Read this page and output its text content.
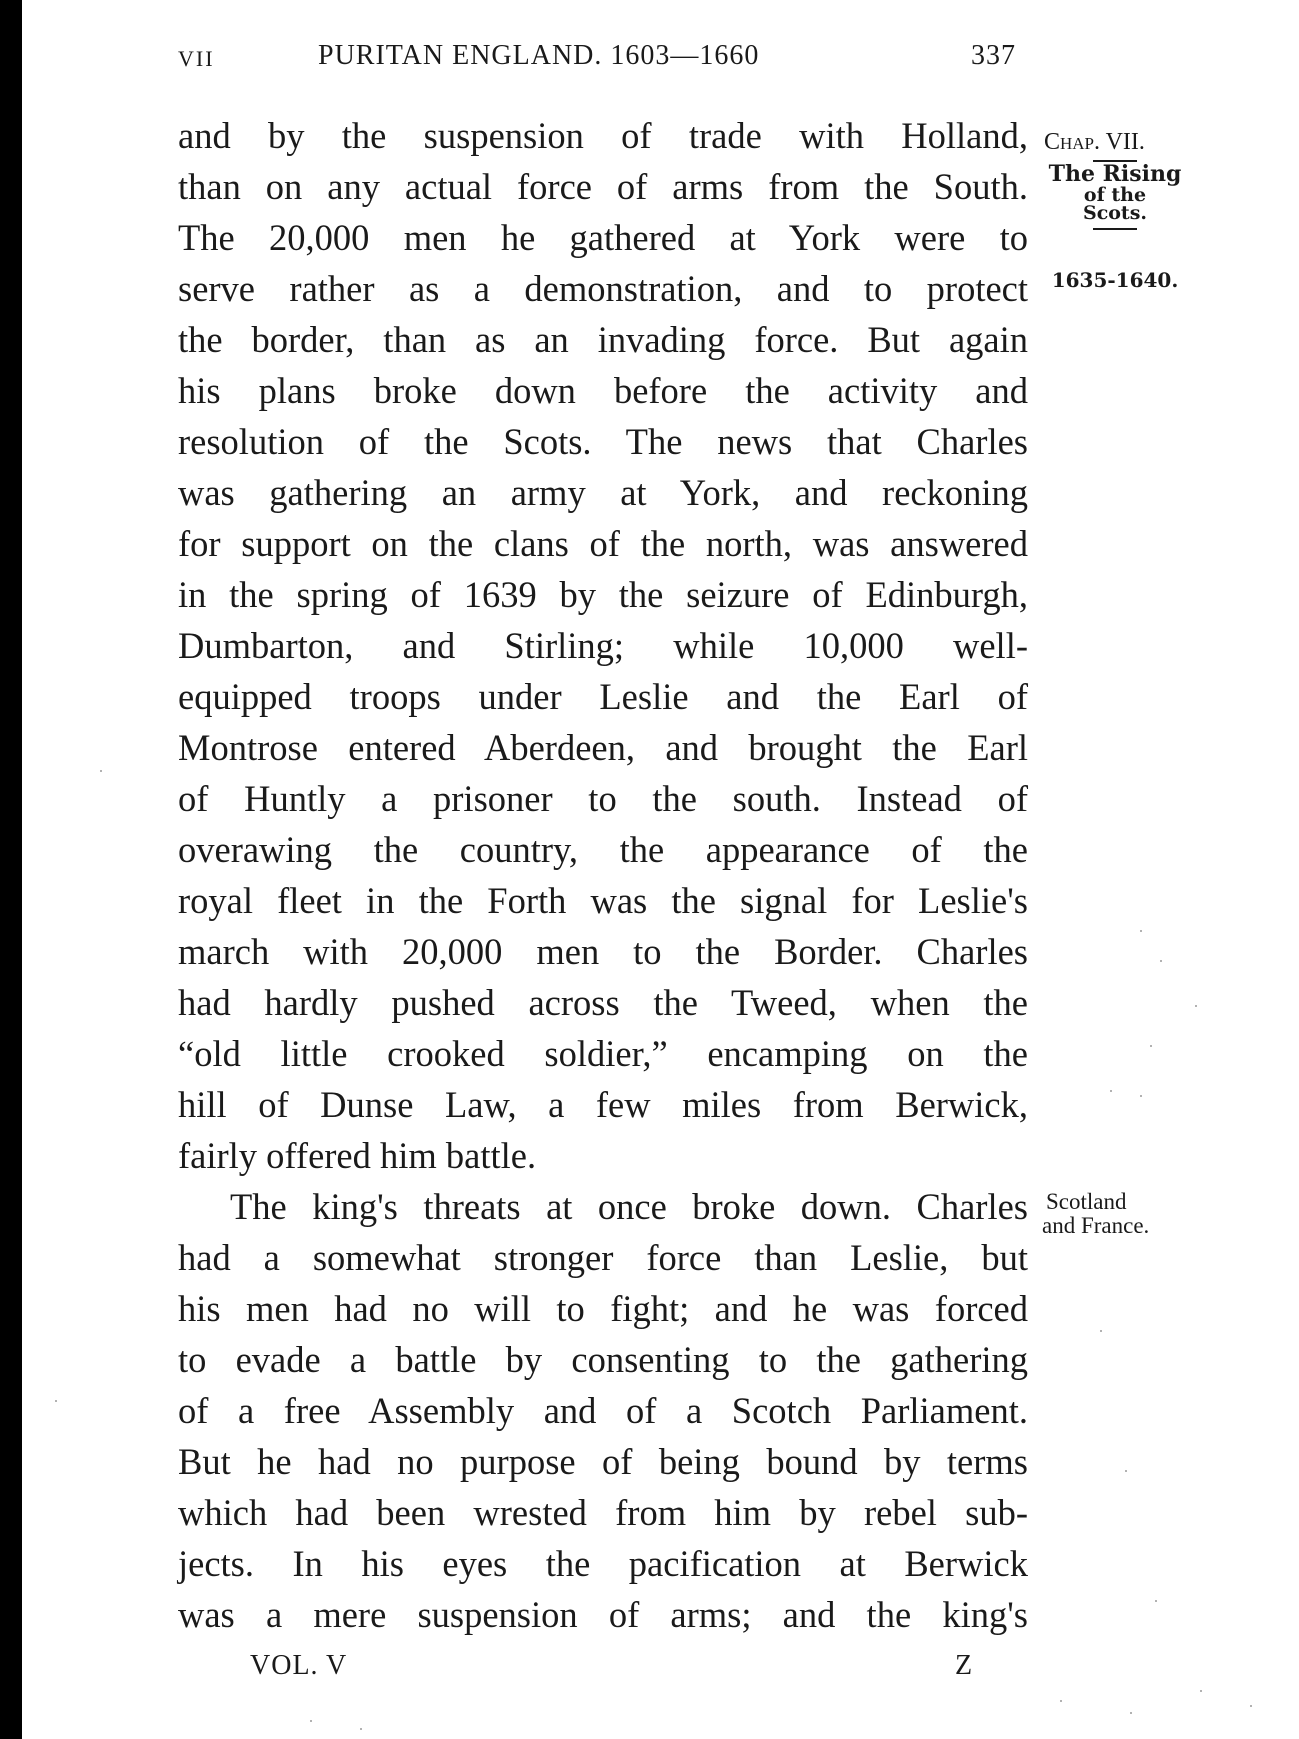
VII	PURITAN ENGLAND. 1603—1660	337
and by the suspension of trade with Holland,
than on any actual force of arms from the South.
The 20,000 men he gathered at York were to
serve rather as a demonstration, and to protect
the border, than as an invading force. But again
his plans broke down before the activity and
resolution of the Scots. The news that Charles
was gathering an army at York, and reckoning
for support on the clans of the north, was answered
in the spring of 1639 by the seizure of Edinburgh,
Dumbarton, and Stirling; while 10,000 well-
equipped troops under Leslie and the Earl of
Montrose entered Aberdeen, and brought the Earl
of Huntly a prisoner to the south. Instead of
overawing the country, the appearance of the
royal fleet in the Forth was the signal for Leslie's
march with 20,000 men to the Border. Charles
had hardly pushed across the Tweed, when the
“old little crooked soldier,” encamping on the
hill of Dunse Law, a few miles from Berwick,
fairly offered him battle.
The king's threats at once broke down. Charles
had a somewhat stronger force than Leslie, but
his men had no will to fight; and he was forced
to evade a battle by consenting to the gathering
of a free Assembly and of a Scotch Parliament.
But he had no purpose of being bound by terms
which had been wrested from him by rebel sub-
jects. In his eyes the pacification at Berwick
was a mere suspension of arms; and the king's
Chap. VII.
The Rising
of the
Scots.
1635-1640.
Scotland
and France.
VOL. V	Z
